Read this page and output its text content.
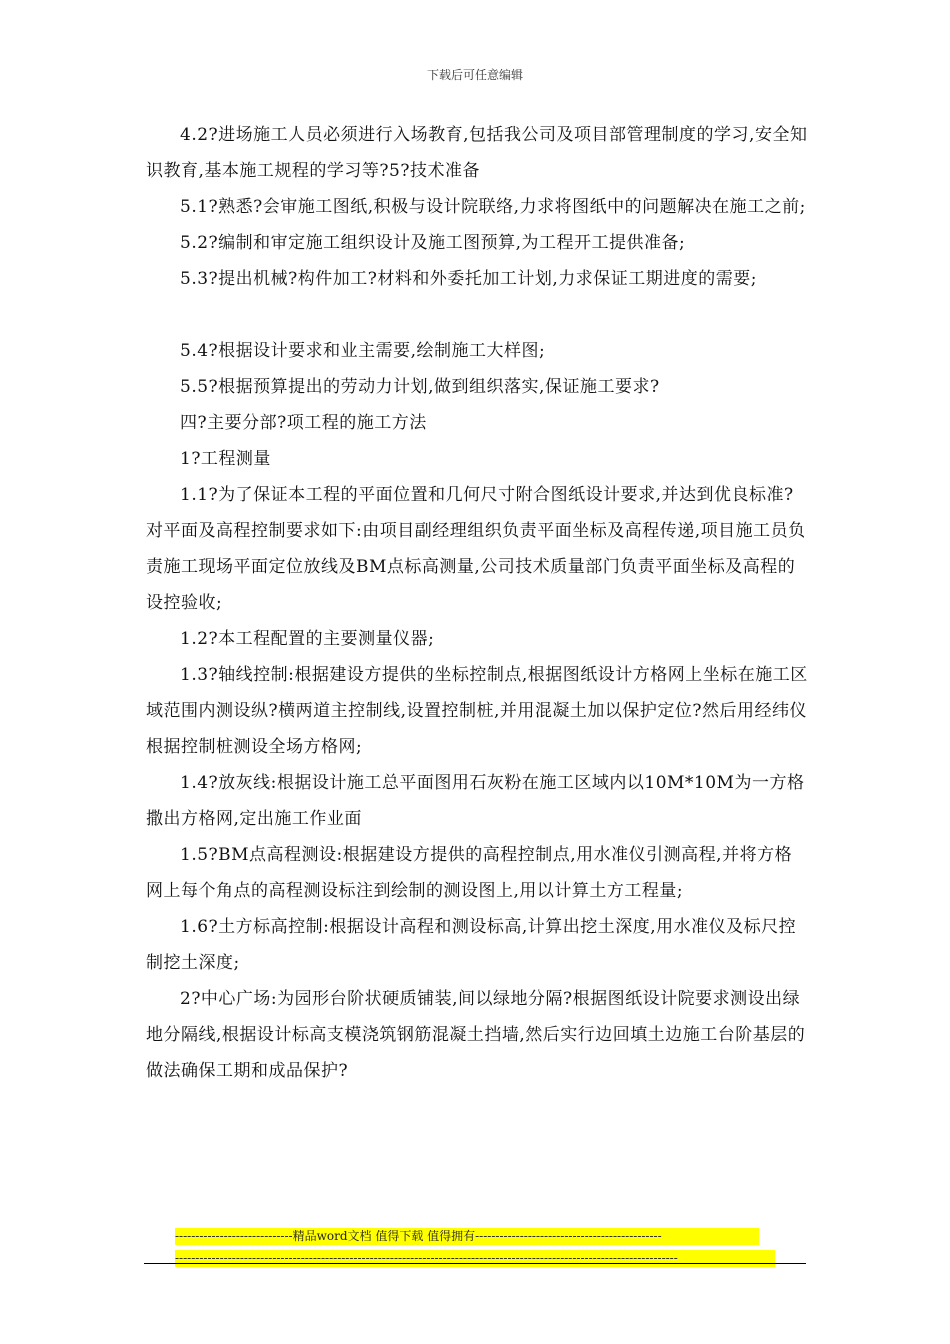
下载后可任意编辑

4.2?进场施工人员必须进行入场教育,包括我公司及项目部管理制度的学习,安全知识教育,基本施工规程的学习等?5?技术准备

5.1?熟悉?会审施工图纸,积极与设计院联络,力求将图纸中的问题解决在施工之前;

5.2?编制和审定施工组织设计及施工图预算,为工程开工提供准备;

5.3?提出机械?构件加工?材料和外委托加工计划,力求保证工期进度的需要;

5.4?根据设计要求和业主需要,绘制施工大样图;

5.5?根据预算提出的劳动力计划,做到组织落实,保证施工要求?

四?主要分部?项工程的施工方法

1?工程测量

1.1?为了保证本工程的平面位置和几何尺寸附合图纸设计要求,并达到优良标准?对平面及高程控制要求如下:由项目副经理组织负责平面坐标及高程传递,项目施工员负责施工现场平面定位放线及BM点标高测量,公司技术质量部门负责平面坐标及高程的设控验收;

1.2?本工程配置的主要测量仪器;

1.3?轴线控制:根据建设方提供的坐标控制点,根据图纸设计方格网上坐标在施工区域范围内测设纵?横两道主控制线,设置控制桩,并用混凝土加以保护定位?然后用经纬仪根据控制桩测设全场方格网;

1.4?放灰线:根据设计施工总平面图用石灰粉在施工区域内以10M*10M为一方格撒出方格网,定出施工作业面

1.5?BM点高程测设:根据建设方提供的高程控制点,用水准仪引测高程,并将方格网上每个角点的高程测设标注到绘制的测设图上,用以计算土方工程量;

1.6?土方标高控制:根据设计高程和测设标高,计算出挖土深度,用水准仪及标尺控制挖土深度;

2?中心广场:为园形台阶状硬质铺装,间以绿地分隔?根据图纸设计院要求测设出绿地分隔线,根据设计标高支模浇筑钢筋混凝土挡墙,然后实行边回填土边施工台阶基层的做法确保工期和成品保护?

-----------------------------精品word文档 值得下载 值得拥有----------------------------------------------
----------------------------------------------------------------------------------------------------------------------------
